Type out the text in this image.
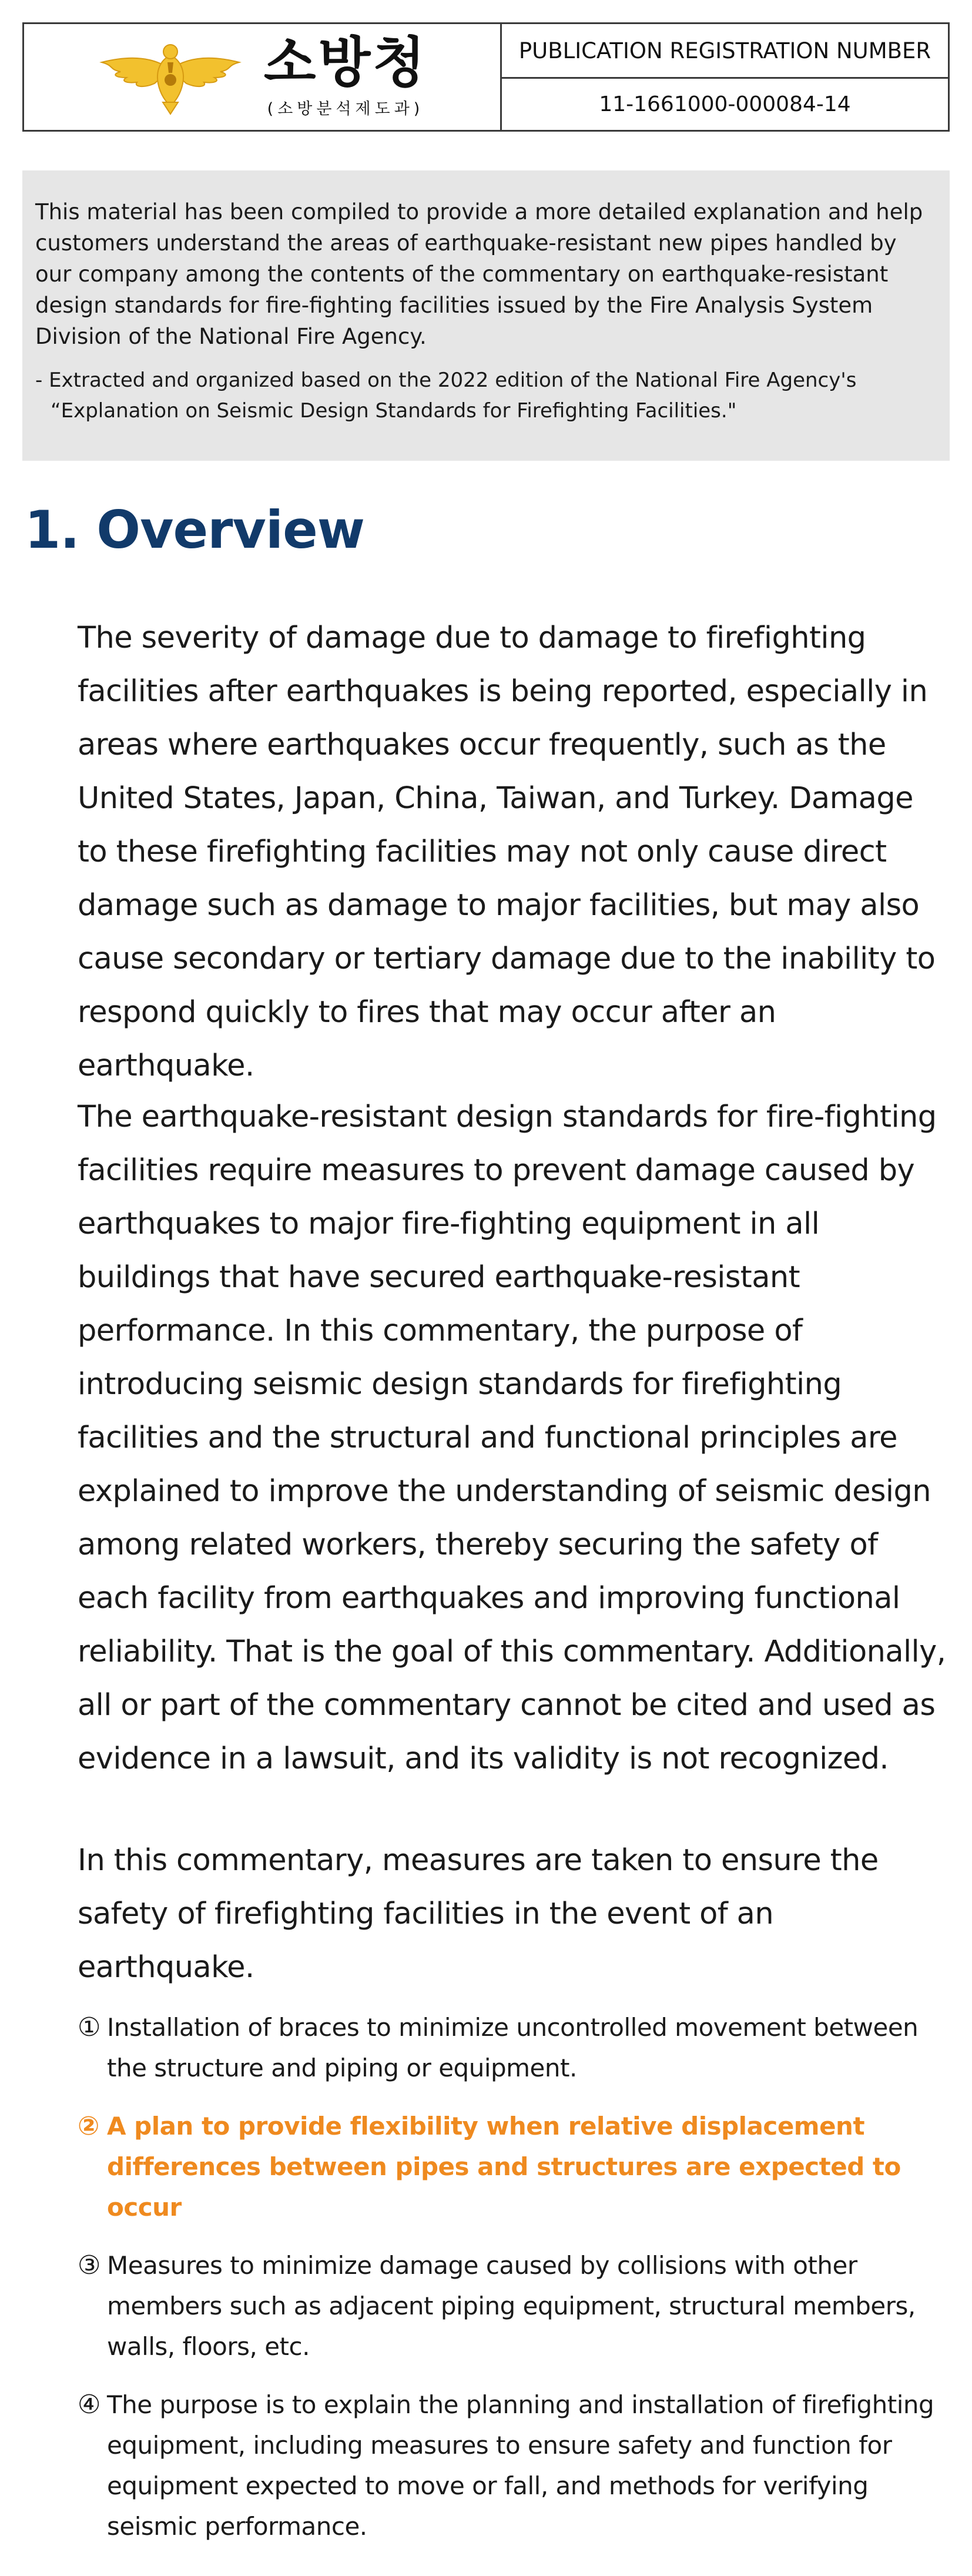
소방청
(소방분석제도과)
PUBLICATION REGISTRATION NUMBER
11-1661000-000084-14

This material has been compiled to provide a more detailed explanation and help customers understand the areas of earthquake-resistant new pipes handled by our company among the contents of the commentary on earthquake-resistant design standards for fire-fighting facilities issued by the Fire Analysis System Division of the National Fire Agency.

- Extracted and organized based on the 2022 edition of the National Fire Agency's
“Explanation on Seismic Design Standards for Firefighting Facilities."

1. Overview

The severity of damage due to damage to firefighting facilities after earthquakes is being reported, especially in areas where earthquakes occur frequently, such as the United States, Japan, China, Taiwan, and Turkey. Damage to these firefighting facilities may not only cause direct damage such as damage to major facilities, but may also cause secondary or tertiary damage due to the inability to respond quickly to fires that may occur after an earthquake.

The earthquake-resistant design standards for fire-fighting facilities require measures to prevent damage caused by earthquakes to major fire-fighting equipment in all buildings that have secured earthquake-resistant performance. In this commentary, the purpose of introducing seismic design standards for firefighting facilities and the structural and functional principles are explained to improve the understanding of seismic design among related workers, thereby securing the safety of each facility from earthquakes and improving functional reliability. That is the goal of this commentary. Additionally, all or part of the commentary cannot be cited and used as evidence in a lawsuit, and its validity is not recognized.

In this commentary, measures are taken to ensure the safety of firefighting facilities in the event of an earthquake.

① Installation of braces to minimize uncontrolled movement between the structure and piping or equipment.
② A plan to provide flexibility when relative displacement differences between pipes and structures are expected to occur
③ Measures to minimize damage caused by collisions with other members such as adjacent piping equipment, structural members, walls, floors, etc.
④ The purpose is to explain the planning and installation of firefighting equipment, including measures to ensure safety and function for equipment expected to move or fall, and methods for verifying seismic performance.
